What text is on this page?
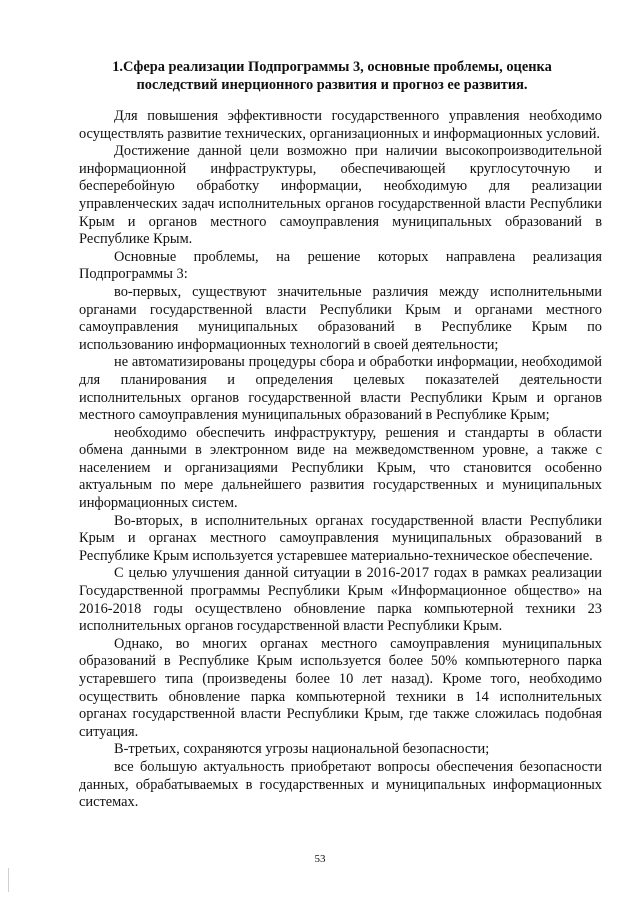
1.Сфера реализации Подпрограммы 3, основные проблемы, оценка последствий инерционного развития и прогноз ее развития.

Для повышения эффективности государственного управления необходимо осуществлять развитие технических, организационных и информационных условий.

Достижение данной цели возможно при наличии высокопроизводительной информационной инфраструктуры, обеспечивающей круглосуточную и бесперебойную обработку информации, необходимую для реализации управленческих задач исполнительных органов государственной власти Республики Крым и органов местного самоуправления муниципальных образований в Республике Крым.

Основные проблемы, на решение которых направлена реализация Подпрограммы 3:

во-первых, существуют значительные различия между исполнительными органами государственной власти Республики Крым и органами местного самоуправления муниципальных образований в Республике Крым по использованию информационных технологий в своей деятельности;

не автоматизированы процедуры сбора и обработки информации, необходимой для планирования и определения целевых показателей деятельности исполнительных органов государственной власти Республики Крым и органов местного самоуправления муниципальных образований в Республике Крым;

необходимо обеспечить инфраструктуру, решения и стандарты в области обмена данными в электронном виде на межведомственном уровне, а также с населением и организациями Республики Крым, что становится особенно актуальным по мере дальнейшего развития государственных и муниципальных информационных систем.

Во-вторых, в исполнительных органах государственной власти Республики Крым и органах местного самоуправления муниципальных образований в Республике Крым используется устаревшее материально-техническое обеспечение.

С целью улучшения данной ситуации в 2016-2017 годах в рамках реализации Государственной программы Республики Крым «Информационное общество» на 2016-2018 годы осуществлено обновление парка компьютерной техники 23 исполнительных органов государственной власти Республики Крым.

Однако, во многих органах местного самоуправления муниципальных образований в Республике Крым используется более 50% компьютерного парка устаревшего типа (произведены более 10 лет назад). Кроме того, необходимо осуществить обновление парка компьютерной техники в 14 исполнительных органах государственной власти Республики Крым, где также сложилась подобная ситуация.

В-третьих, сохраняются угрозы национальной безопасности;

все большую актуальность приобретают вопросы обеспечения безопасности данных, обрабатываемых в государственных и муниципальных информационных системах.

53
